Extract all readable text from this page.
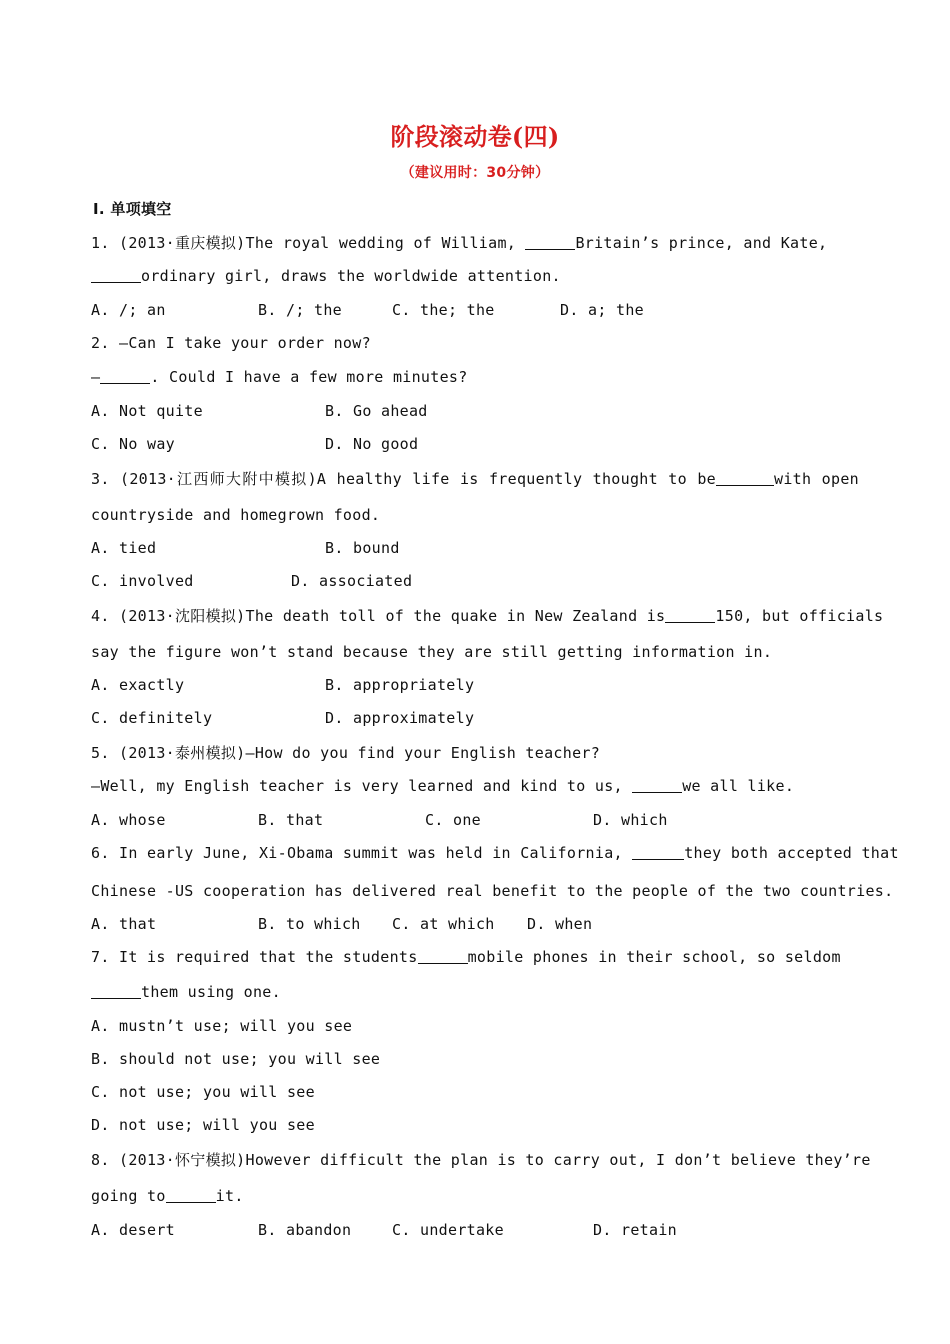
阶段滚动卷(四)
（建议用时：30分钟）
Ⅰ. 单项填空
1. (2013·重庆模拟)The royal wedding of William,	Britain’s prince, and Kate,
ordinary girl, draws the worldwide attention.
A. /; an	B. /; the	C. the; the	D. a; the
2. —Can I take your order now?
—	. Could I have a few more minutes?
A. Not quite	B. Go ahead
C. No way	D. No good
3. (2013·江西师大附中模拟)A healthy life is frequently thought to be	with open
countryside and homegrown food.
A. tied	B. bound
C. involved	D. associated
4. (2013·沈阳模拟)The death toll of the quake in New Zealand is	150, but officials
say the figure won’t stand because they are still getting information in.
A. exactly	B. appropriately
C. definitely	D. approximately
5. (2013·泰州模拟)—How do you find your English teacher?
—Well, my English teacher is very learned and kind to us,	we all like.
A. whose	B. that	C. one	D. which
6. In early June, Xi-Obama summit was held in California,	they both accepted that
Chinese -US cooperation has delivered real benefit to the people of the two countries.
A. that	B. to which C. at which D. when
7. It is required that the students	mobile phones in their school, so seldom
them using one.
A. mustn’t use; will you see
B. should not use; you will see
C. not use; you will see
D. not use; will you see
8. (2013·怀宁模拟)However difficult the plan is to carry out, I don’t believe they’re
going to	it.
A. desert	B. abandon	C. undertake	D. retain
